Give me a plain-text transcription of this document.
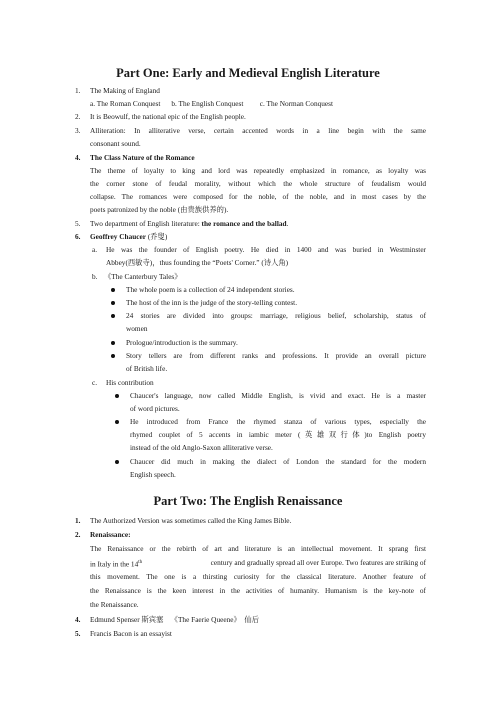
Part One: Early and Medieval English Literature
1. The Making of England
a. The Roman Conquest      b. The English Conquest         c. The Norman Conquest
2. It is Beowulf, the national epic of the English people.
3. Alliteration: In alliterative verse, certain accented words in a line begin with the same
consonant sound.
4. The Class Nature of the Romance
The theme of loyalty to king and lord was repeatedly emphasized in romance, as loyalty was
the corner stone of feudal morality, without which the whole structure of feudalism would
collapse. The romances were composed for the noble, of the noble, and in most cases by the
poets patronized by the noble (由贵族供养的).
5. Two department of English literature: the romance and the ballad.
6. Geoffrey Chaucer (乔叟)
a. He was the founder of English poetry. He died in 1400 and was buried in Westminster
Abbey(西敏寺)，thus founding the “Poets' Corner.” (诗人角)
b. 《The Canterbury Tales》
The whole poem is a collection of 24 independent stories.
The host of the inn is the judge of the story-telling contest.
24 stories are divided into groups: marriage, religious belief, scholarship, status of
women
Prologue/introduction is the summary.
Story tellers are from different ranks and professions. It provide an overall picture
of British life.
c. His contribution
Chaucer's language, now called Middle English, is vivid and exact. He is a master
of word pictures.
He introduced from France the rhymed stanza of various types, especially the
rhymed couplet of 5 accents in iambic meter (英雄双行体)to English poetry
instead of the old Anglo-Saxon alliterative verse.
Chaucer did much in making the dialect of London the standard for the modern
English speech.
Part Two: The English Renaissance
1. The Authorized Version was sometimes called the King James Bible.
2. Renaissance:
The Renaissance or the rebirth of art and literature is an intellectual movement. It sprang first
in Italy in the 14th	century and gradually spread all over Europe. Two features are striking of
this movement. The one is a thirsting curiosity for the classical literature. Another feature of
the Renaissance is the keen interest in the activities of humanity. Humanism is the key-note of
the Renaissance.
4. Edmund Spenser 斯宾塞    《The Faerie Queene》  仙后
5. Francis Bacon is an essayist
